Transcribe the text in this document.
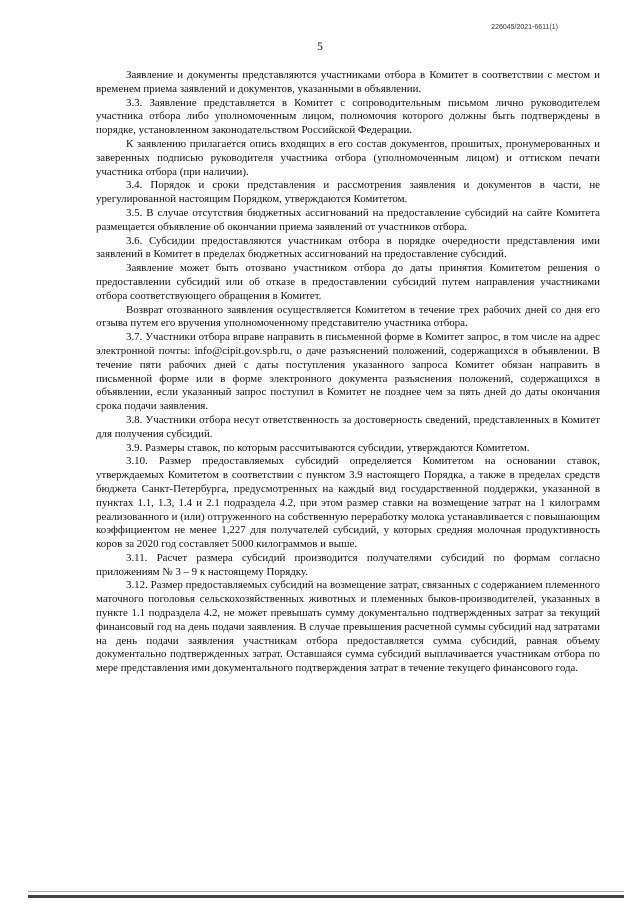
226045/2021-6611(1)
5

Заявление и документы представляются участниками отбора в Комитет в соответствии с местом и временем приема заявлений и документов, указанными в объявлении.

3.3. Заявление представляется в Комитет с сопроводительным письмом лично руководителем участника отбора либо уполномоченным лицом, полномочия которого должны быть подтверждены в порядке, установленном законодательством Российской Федерации.

К заявлению прилагается опись входящих в его состав документов, прошитых, пронумерованных и заверенных подписью руководителя участника отбора (уполномоченным лицом) и оттиском печати участника отбора (при наличии).

3.4. Порядок и сроки представления и рассмотрения заявления и документов в части, не урегулированной настоящим Порядком, утверждаются Комитетом.

3.5. В случае отсутствия бюджетных ассигнований на предоставление субсидий на сайте Комитета размещается объявление об окончании приема заявлений от участников отбора.

3.6. Субсидии предоставляются участникам отбора в порядке очередности представления ими заявлений в Комитет в пределах бюджетных ассигнований на предоставление субсидий.

Заявление может быть отозвано участником отбора до даты принятия Комитетом решения о предоставлении субсидий или об отказе в предоставлении субсидий путем направления участниками отбора соответствующего обращения в Комитет.

Возврат отозванного заявления осуществляется Комитетом в течение трех рабочих дней со дня его отзыва путем его вручения уполномоченному представителю участника отбора.

3.7. Участники отбора вправе направить в письменной форме в Комитет запрос, в том числе на адрес электронной почты: info@cipit.gov.spb.ru, о даче разъяснений положений, содержащихся в объявлении. В течение пяти рабочих дней с даты поступления указанного запроса Комитет обязан направить в письменной форме или в форме электронного документа разъяснения положений, содержащихся в объявлении, если указанный запрос поступил в Комитет не позднее чем за пять дней до даты окончания срока подачи заявления.

3.8. Участники отбора несут ответственность за достоверность сведений, представленных в Комитет для получения субсидий.

3.9. Размеры ставок, по которым рассчитываются субсидии, утверждаются Комитетом.

3.10. Размер предоставляемых субсидий определяется Комитетом на основании ставок, утверждаемых Комитетом в соответствии с пунктом 3.9 настоящего Порядка, а также в пределах средств бюджета Санкт-Петербурга, предусмотренных на каждый вид государственной поддержки, указанной в пунктах 1.1, 1.3, 1.4 и 2.1 подраздела 4.2, при этом размер ставки на возмещение затрат на 1 килограмм реализованного и (или) отгруженного на собственную переработку молока устанавливается с повышающим коэффициентом не менее 1,227 для получателей субсидий, у которых средняя молочная продуктивность коров за 2020 год составляет 5000 килограммов и выше.

3.11. Расчет размера субсидий производится получателями субсидий по формам согласно приложениям № 3 – 9 к настоящему Порядку.

3.12. Размер предоставляемых субсидий на возмещение затрат, связанных с содержанием племенного маточного поголовья сельскохозяйственных животных и племенных быков-производителей, указанных в пункте 1.1 подраздела 4.2, не может превышать сумму документально подтвержденных затрат за текущий финансовый год на день подачи заявления. В случае превышения расчетной суммы субсидий над затратами на день подачи заявления участникам отбора предоставляется сумма субсидий, равная объему документально подтвержденных затрат. Оставшаяся сумма субсидий выплачивается участникам отбора по мере представления ими документального подтверждения затрат в течение текущего финансового года.
